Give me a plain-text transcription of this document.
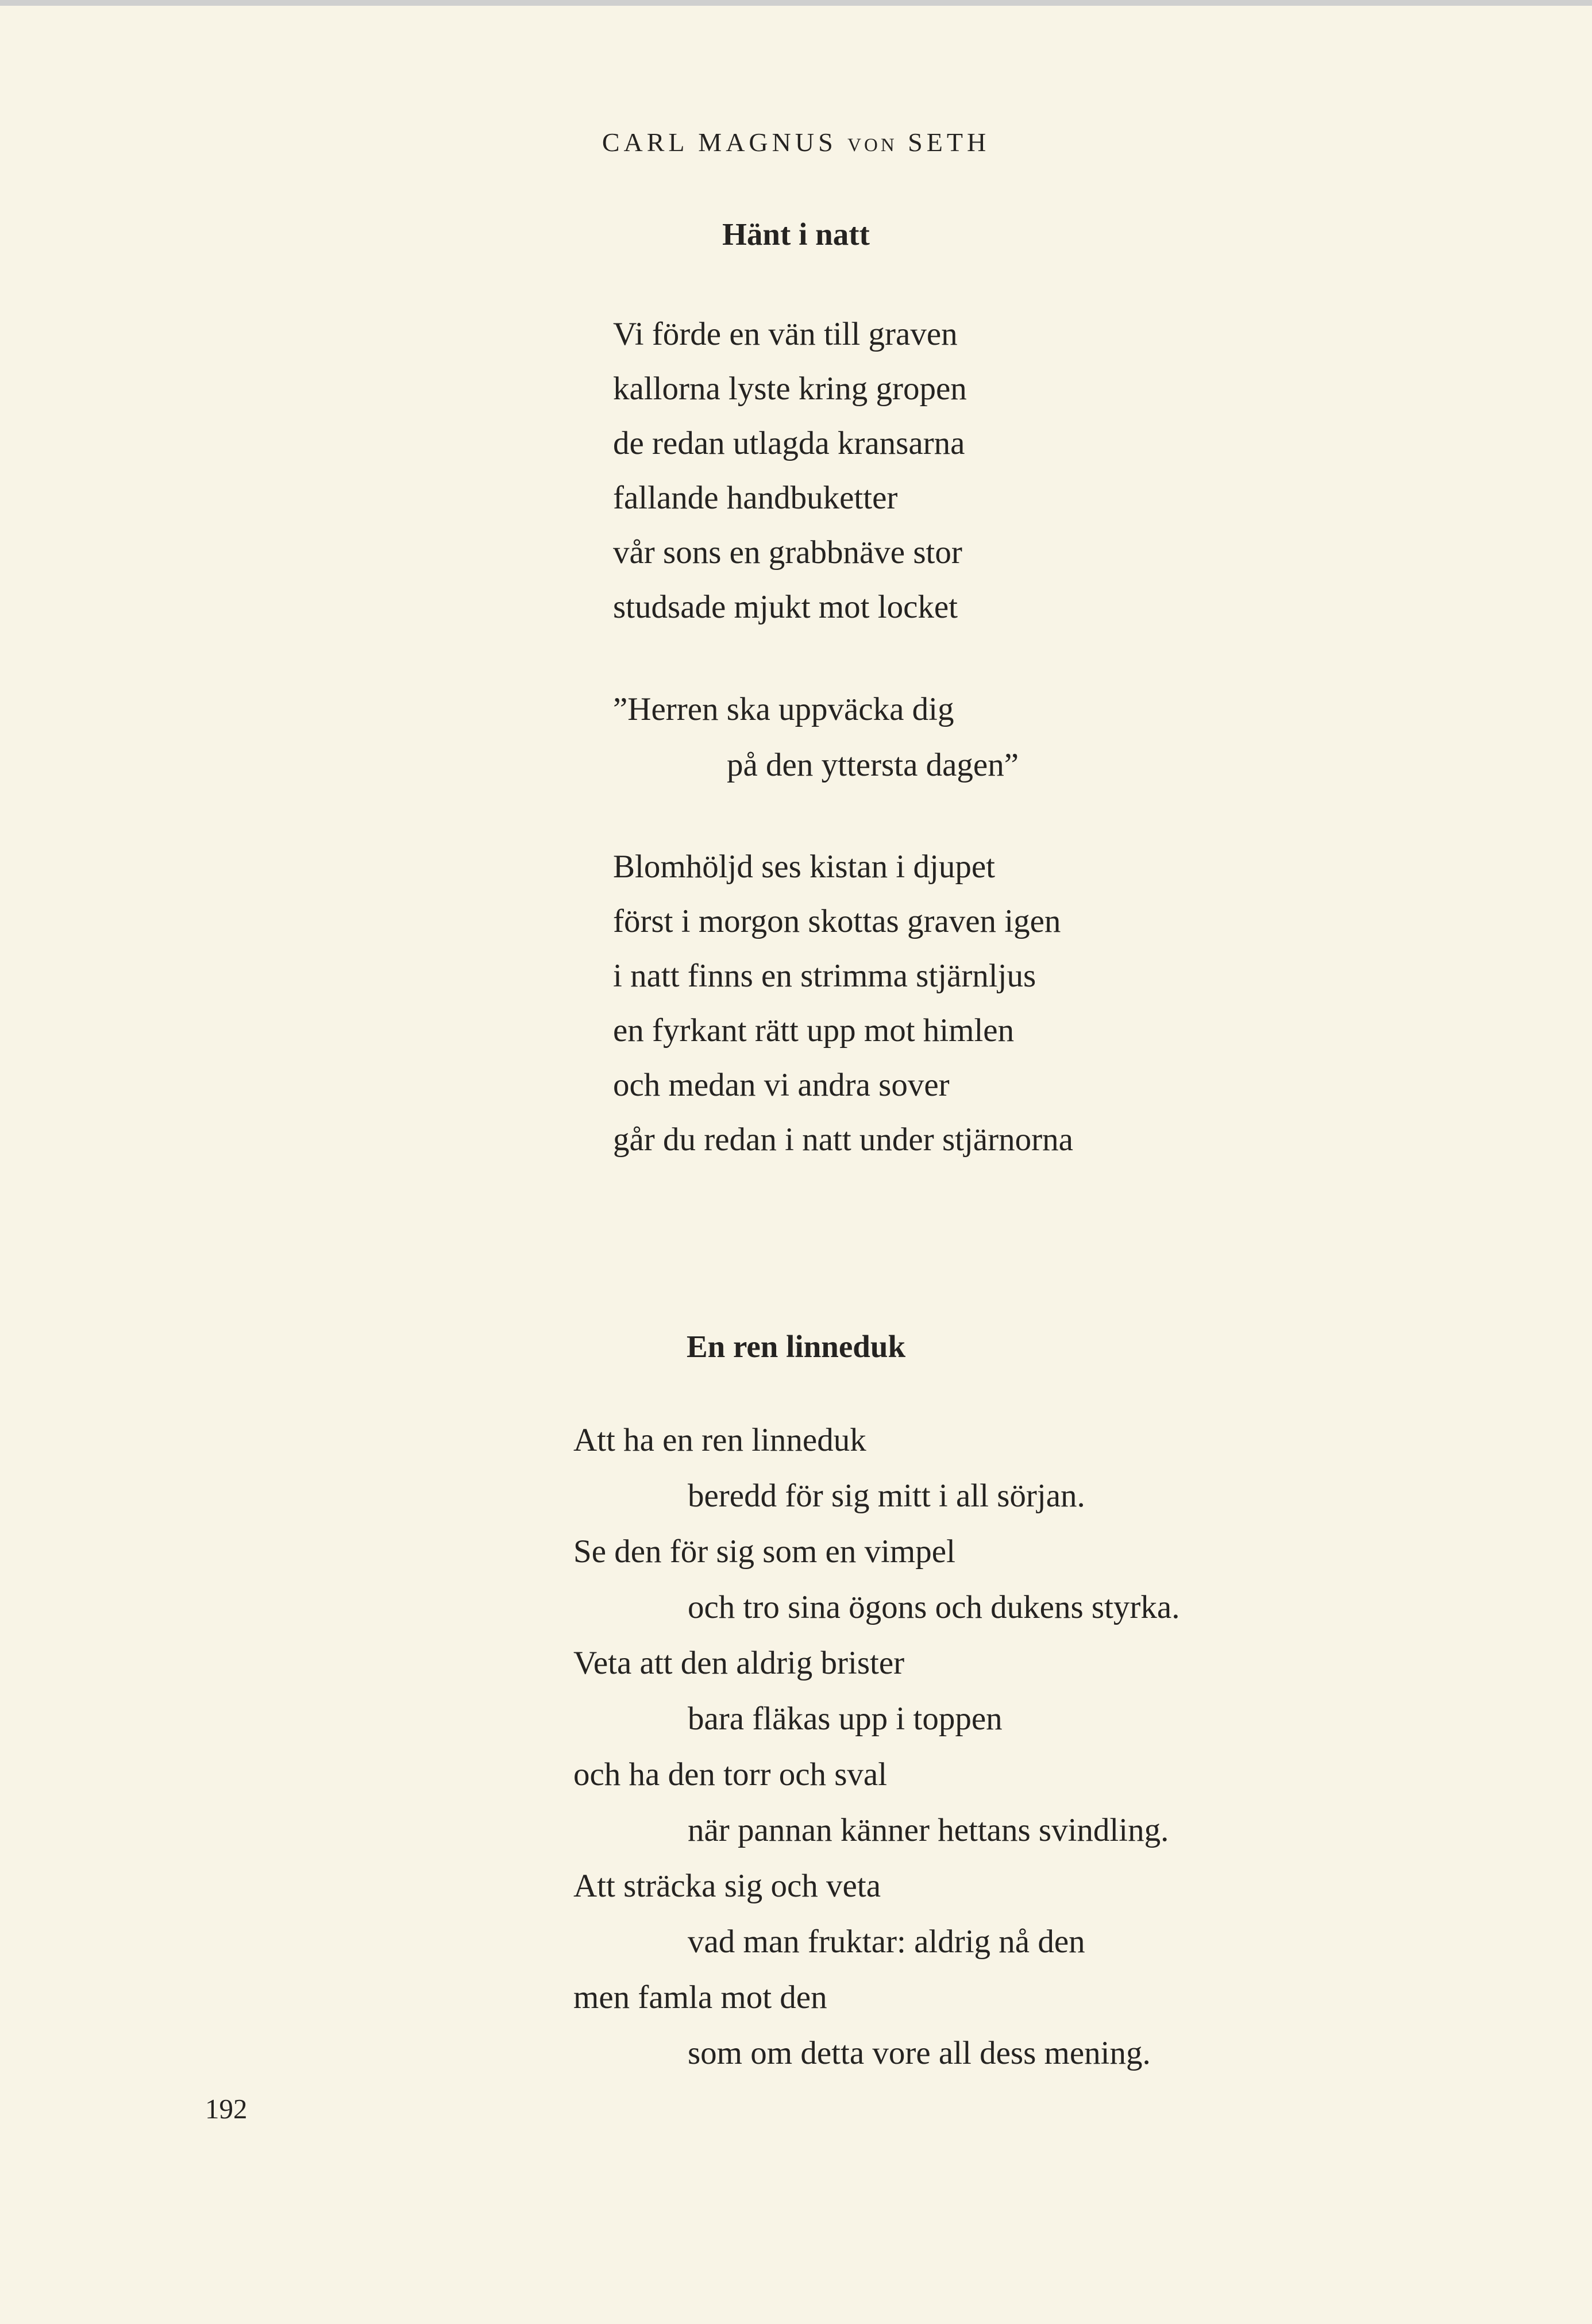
CARL MAGNUS VON SETH
Hänt i natt

Vi förde en vän till graven

kallorna lyste kring gropen

de redan utlagda kransarna

fallande handbuketter

vår sons en grabbnäve stor

studsade mjukt mot locket

”Herren ska uppväcka dig

på den yttersta dagen”

Blomhöljd ses kistan i djupet

först i morgon skottas graven igen

i natt finns en strimma stjärnljus

en fyrkant rätt upp mot himlen

och medan vi andra sover

går du redan i natt under stjärnorna

En ren linneduk

Att ha en ren linneduk

beredd för sig mitt i all sörjan.

Se den för sig som en vimpel

och tro sina ögons och dukens styrka.

Veta att den aldrig brister

bara fläkas upp i toppen

och ha den torr och sval

när pannan känner hettans svindling.

Att sträcka sig och veta

vad man fruktar: aldrig nå den

men famla mot den

som om detta vore all dess mening.

192
